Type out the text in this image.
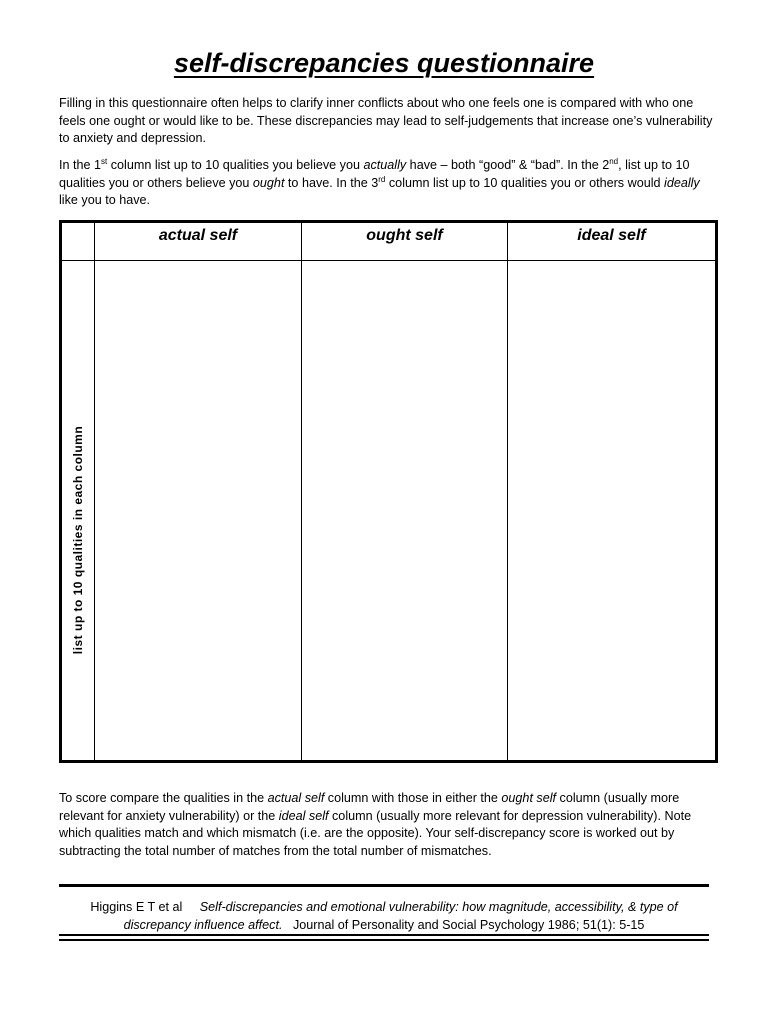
self-discrepancies questionnaire

Filling in this questionnaire often helps to clarify inner conflicts about who one feels one is compared with who one feels one ought or would like to be. These discrepancies may lead to self-judgements that increase one’s vulnerability to anxiety and depression.

In the 1st column list up to 10 qualities you believe you actually have – both “good” & “bad”. In the 2nd, list up to 10 qualities you or others believe you ought to have. In the 3rd column list up to 10 qualities you or others would ideally like you to have.

	actual self	ought self	ideal self

list up to 10 qualities in each column			

To score compare the qualities in the actual self column with those in either the ought self column (usually more relevant for anxiety vulnerability) or the ideal self column (usually more relevant for depression vulnerability). Note which qualities match and which mismatch (i.e. are the opposite). Your self-discrepancy score is worked out by subtracting the total number of matches from the total number of mismatches.

Higgins E T et al Self-discrepancies and emotional vulnerability: how magnitude, accessibility, & type of discrepancy influence affect. Journal of Personality and Social Psychology 1986; 51(1): 5-15
